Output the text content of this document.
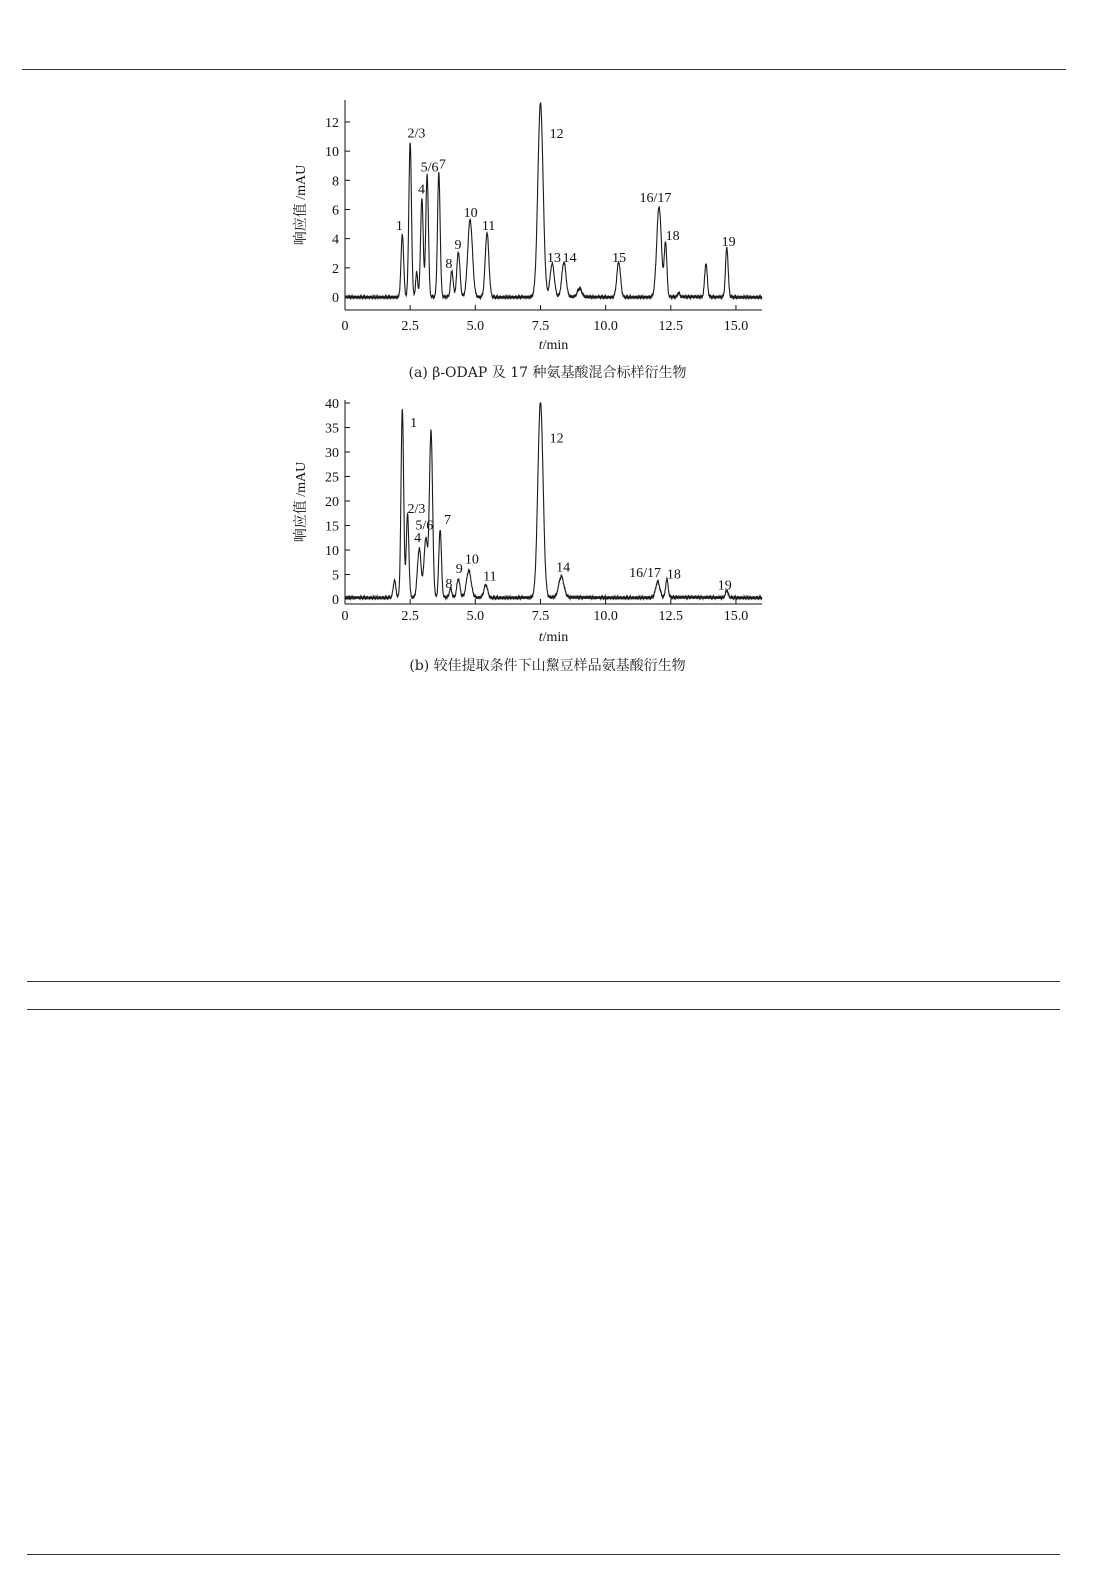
0
2
4
6
8
10
12
0	2.5	5.0	7.5	10.0	12.5	15.0
t/min
响应值 /mAU	1
2/3
4
5/6 7
8
9
10
11
12
13 14	15
16/17
18	19
0
5
10
15
20
25
30
35
40
0	2.5	5.0	7.5	10.0	12.5	15.0
t/min
响应值 /mAU
1
2/3
5/6
4
7
8
9
10
11
12
14	16/17 18
19
(a) β-ODAP 及 17 种氨基酸混合标样衍生物
(b) 较佳提取条件下山黧豆样品氨基酸衍生物
